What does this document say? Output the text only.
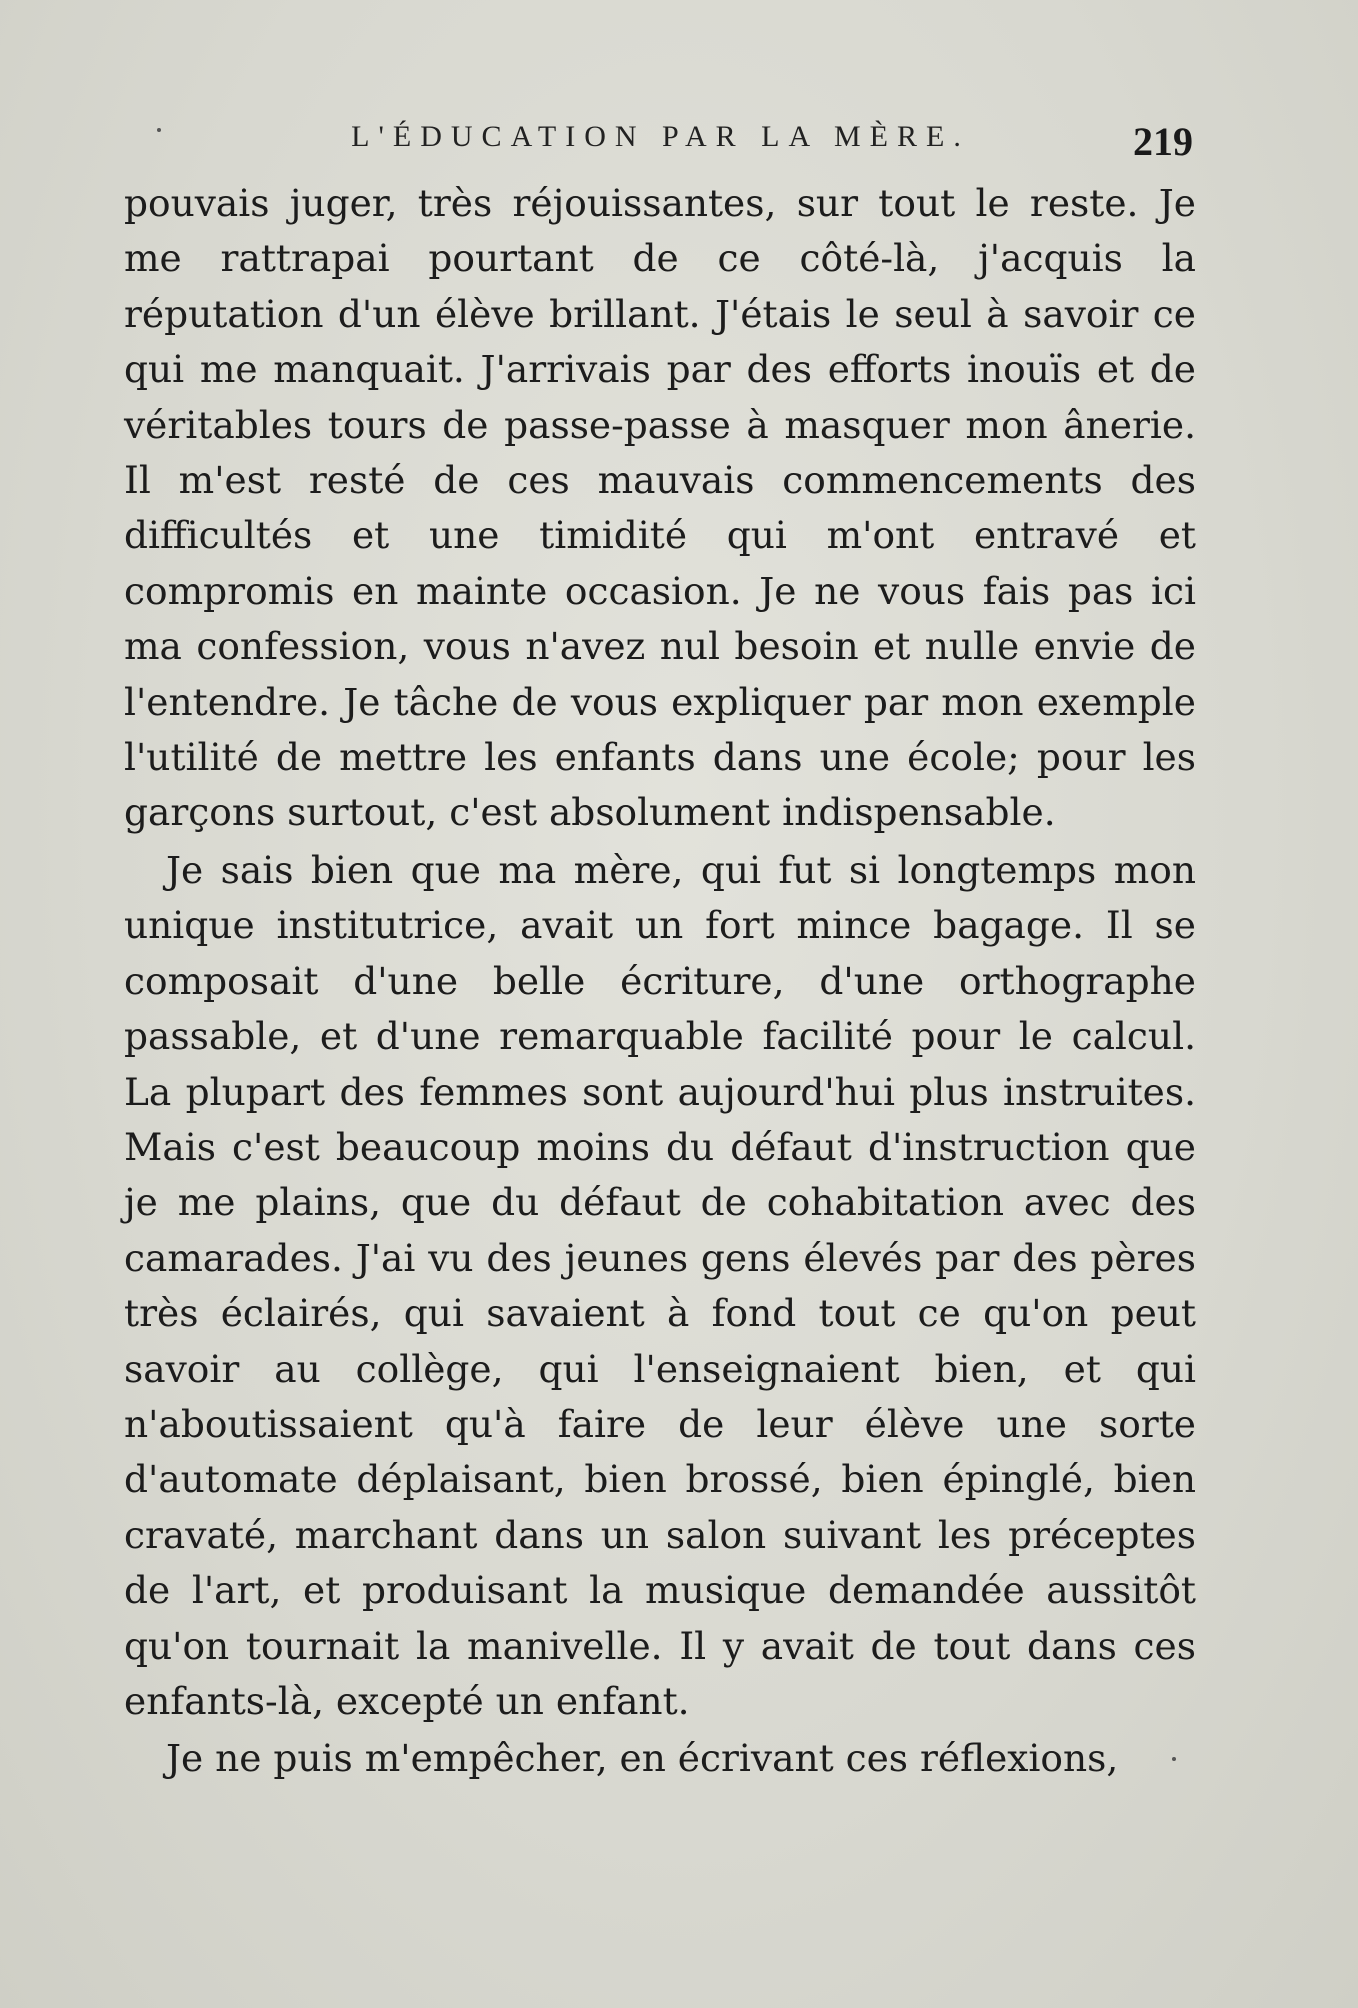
L'ÉDUCATION PAR LA MÈRE.	219

pouvais juger, très réjouissantes, sur tout le reste. Je me rattrapai pourtant de ce côté-là, j'acquis la réputation d'un élève brillant. J'étais le seul à savoir ce qui me manquait. J'arrivais par des efforts inouïs et de véritables tours de passe-passe à masquer mon ânerie. Il m'est resté de ces mauvais commencements des difficultés et une timidité qui m'ont entravé et compromis en mainte occasion. Je ne vous fais pas ici ma confession, vous n'avez nul besoin et nulle envie de l'entendre. Je tâche de vous expliquer par mon exemple l'utilité de mettre les enfants dans une école; pour les garçons surtout, c'est absolument indispensable.

Je sais bien que ma mère, qui fut si longtemps mon unique institutrice, avait un fort mince bagage. Il se composait d'une belle écriture, d'une orthographe passable, et d'une remarquable facilité pour le calcul. La plupart des femmes sont aujourd'hui plus instruites. Mais c'est beaucoup moins du défaut d'instruction que je me plains, que du défaut de cohabitation avec des camarades. J'ai vu des jeunes gens élevés par des pères très éclairés, qui savaient à fond tout ce qu'on peut savoir au collège, qui l'enseignaient bien, et qui n'aboutissaient qu'à faire de leur élève une sorte d'automate déplaisant, bien brossé, bien épinglé, bien cravaté, marchant dans un salon suivant les préceptes de l'art, et produisant la musique demandée aussitôt qu'on tournait la manivelle. Il y avait de tout dans ces enfants-là, excepté un enfant.

Je ne puis m'empêcher, en écrivant ces réflexions,
